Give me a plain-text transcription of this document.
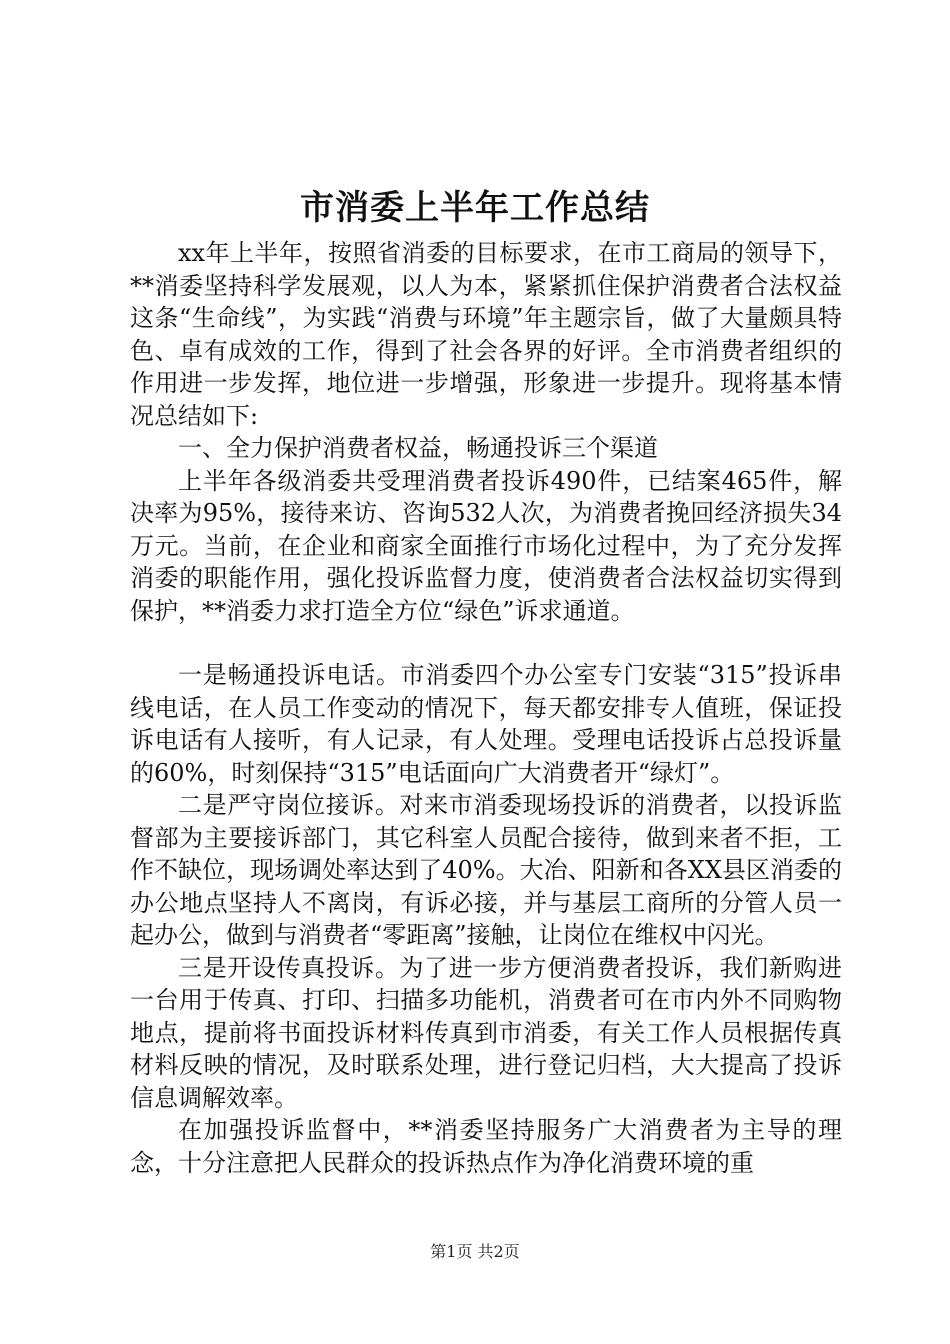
市消委上半年工作总结

xx年上半年，按照省消委的目标要求，在市工商局的领导下，**消委坚持科学发展观，以人为本，紧紧抓住保护消费者合法权益这条“生命线”，为实践“消费与环境”年主题宗旨，做了大量颇具特色、卓有成效的工作，得到了社会各界的好评。全市消费者组织的作用进一步发挥，地位进一步增强，形象进一步提升。现将基本情况总结如下:

一、全力保护消费者权益，畅通投诉三个渠道

上半年各级消委共受理消费者投诉490件，已结案465件，解决率为95%，接待来访、咨询532人次，为消费者挽回经济损失34万元。当前，在企业和商家全面推行市场化过程中，为了充分发挥消委的职能作用，强化投诉监督力度，使消费者合法权益切实得到保护，**消委力求打造全方位“绿色”诉求通道。

一是畅通投诉电话。市消委四个办公室专门安装“315”投诉串线电话，在人员工作变动的情况下，每天都安排专人值班，保证投诉电话有人接听，有人记录，有人处理。受理电话投诉占总投诉量的60%，时刻保持“315”电话面向广大消费者开“绿灯”。

二是严守岗位接诉。对来市消委现场投诉的消费者，以投诉监督部为主要接诉部门，其它科室人员配合接待，做到来者不拒，工作不缺位，现场调处率达到了40%。大冶、阳新和各XX县区消委的办公地点坚持人不离岗，有诉必接，并与基层工商所的分管人员一起办公，做到与消费者“零距离”接触，让岗位在维权中闪光。

三是开设传真投诉。为了进一步方便消费者投诉，我们新购进一台用于传真、打印、扫描多功能机，消费者可在市内外不同购物地点，提前将书面投诉材料传真到市消委，有关工作人员根据传真材料反映的情况，及时联系处理，进行登记归档，大大提高了投诉信息调解效率。

在加强投诉监督中，**消委坚持服务广大消费者为主导的理念，十分注意把人民群众的投诉热点作为净化消费环境的重

第1页 共2页
